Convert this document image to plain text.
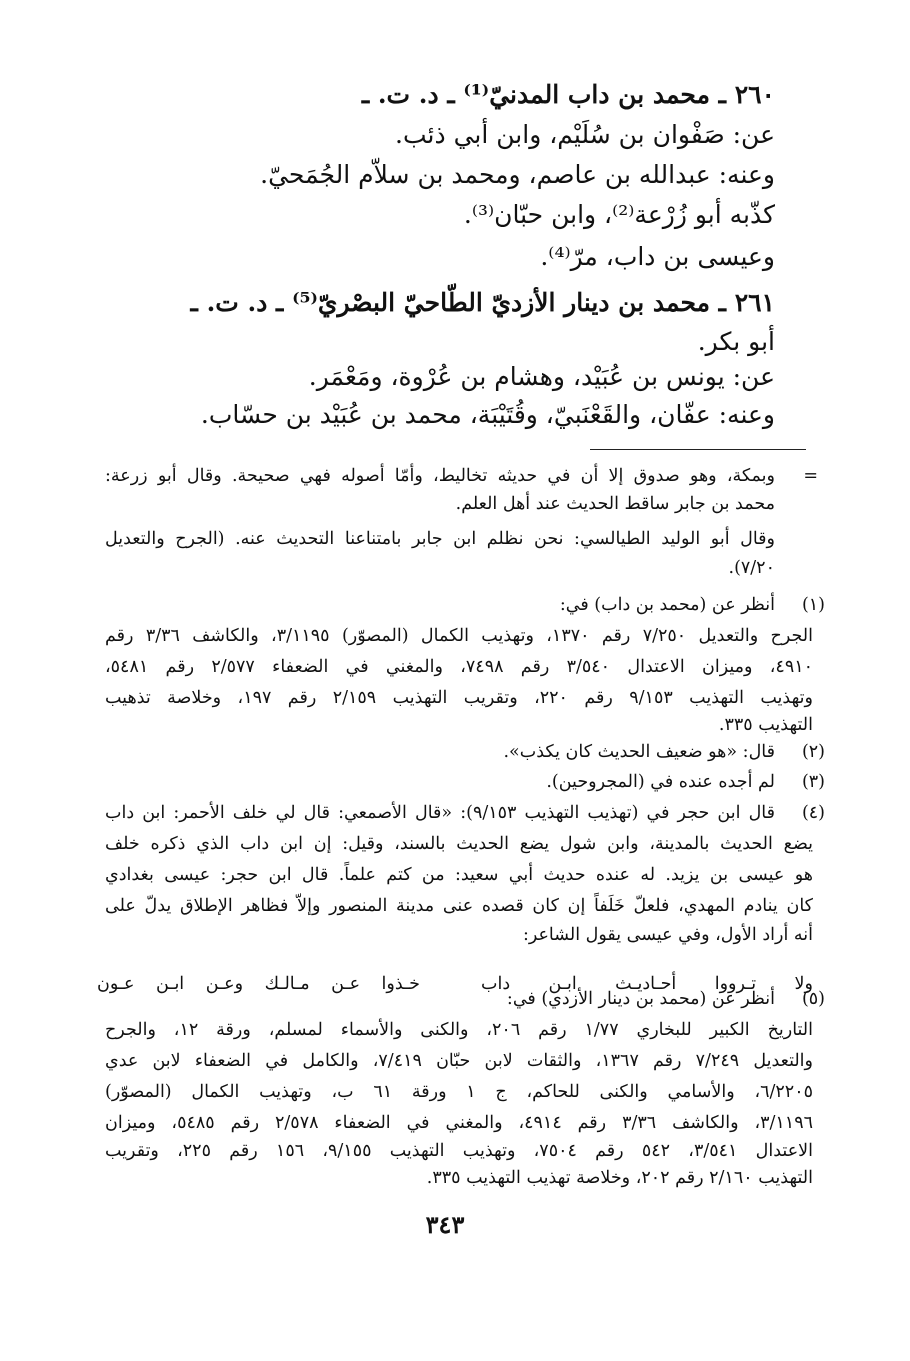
٢٦٠ ـ محمد بن داب المدنيّ⁽¹⁾ ـ د. ت. ـ

عن: صَفْوان بن سُلَيْم، وابن أبي ذئب.

وعنه: عبدالله بن عاصم، ومحمد بن سلاّم الجُمَحيّ.

كذّبه أبو زُرْعة⁽²⁾، وابن حبّان⁽³⁾.

وعيسى بن داب، مرّ⁽⁴⁾.

٢٦١ ـ محمد بن دينار الأزديّ الطّاحيّ البصْريّ⁽⁵⁾ ـ د. ت. ـ

أبو بكر.

عن: يونس بن عُبَيْد، وهشام بن عُرْوة، ومَعْمَر.

وعنه: عفّان، والقَعْنَبيّ، وقُتَيْبَة، محمد بن عُبَيْد بن حسّاب.

=

وبمكة، وهو صدوق إلا أن في حديثه تخاليط، وأمّا أصوله فهي صحيحة. وقال أبو زرعة:

محمد بن جابر ساقط الحديث عند أهل العلم.

وقال أبو الوليد الطيالسي: نحن نظلم ابن جابر بامتناعنا التحديث عنه. (الجرح والتعديل

٧/٢٠).

(١)

أنظر عن (محمد بن داب) في:

الجرح والتعديل ٧/٢٥٠ رقم ١٣٧٠، وتهذيب الكمال (المصوّر) ٣/١١٩٥، والكاشف ٣/٣٦ رقم

٤٩١٠، وميزان الاعتدال ٣/٥٤٠ رقم ٧٤٩٨، والمغني في الضعفاء ٢/٥٧٧ رقم ٥٤٨١،

وتهذيب التهذيب ٩/١٥٣ رقم ٢٢٠، وتقريب التهذيب ٢/١٥٩ رقم ١٩٧، وخلاصة تذهيب

التهذيب ٣٣٥.

(٢)

قال: «هو ضعيف الحديث كان يكذب».

(٣)

لم أجده عنده في (المجروحين).

(٤)

قال ابن حجر في (تهذيب التهذيب ٩/١٥٣): «قال الأصمعي: قال لي خلف الأحمر: ابن داب

يضع الحديث بالمدينة، وابن شول يضع الحديث بالسند، وقيل: إن ابن داب الذي ذكره خلف

هو عيسى بن يزيد. له عنده حديث أبي سعيد: من كتم علماً. قال ابن حجر: عيسى بغدادي

كان ينادم المهدي، فلعلّ خَلَفاً إن كان قصده عنى مدينة المنصور وإلاّ فظاهر الإطلاق يدلّ على

أنه أراد الأول، وفي عيسى يقول الشاعر:

خـذوا عـن مـالـك وعـن ابـن عـون	ولا تـرووا أحـاديـث ابـن داب

(٥)

أنظر عن (محمد بن دينار الأزدي) في:

التاريخ الكبير للبخاري ١/٧٧ رقم ٢٠٦، والكنى والأسماء لمسلم، ورقة ١٢، والجرح

والتعديل ٧/٢٤٩ رقم ١٣٦٧، والثقات لابن حبّان ٧/٤١٩، والكامل في الضعفاء لابن عدي

٦/٢٢٠٥، والأسامي والكنى للحاكم، ج ١ ورقة ٦١ ب، وتهذيب الكمال (المصوّر)

٣/١١٩٦، والكاشف ٣/٣٦ رقم ٤٩١٤، والمغني في الضعفاء ٢/٥٧٨ رقم ٥٤٨٥، وميزان

الاعتدال ٣/٥٤١، ٥٤٢ رقم ٧٥٠٤، وتهذيب التهذيب ٩/١٥٥، ١٥٦ رقم ٢٢٥، وتقريب

التهذيب ٢/١٦٠ رقم ٢٠٢، وخلاصة تهذيب التهذيب ٣٣٥.

٣٤٣
